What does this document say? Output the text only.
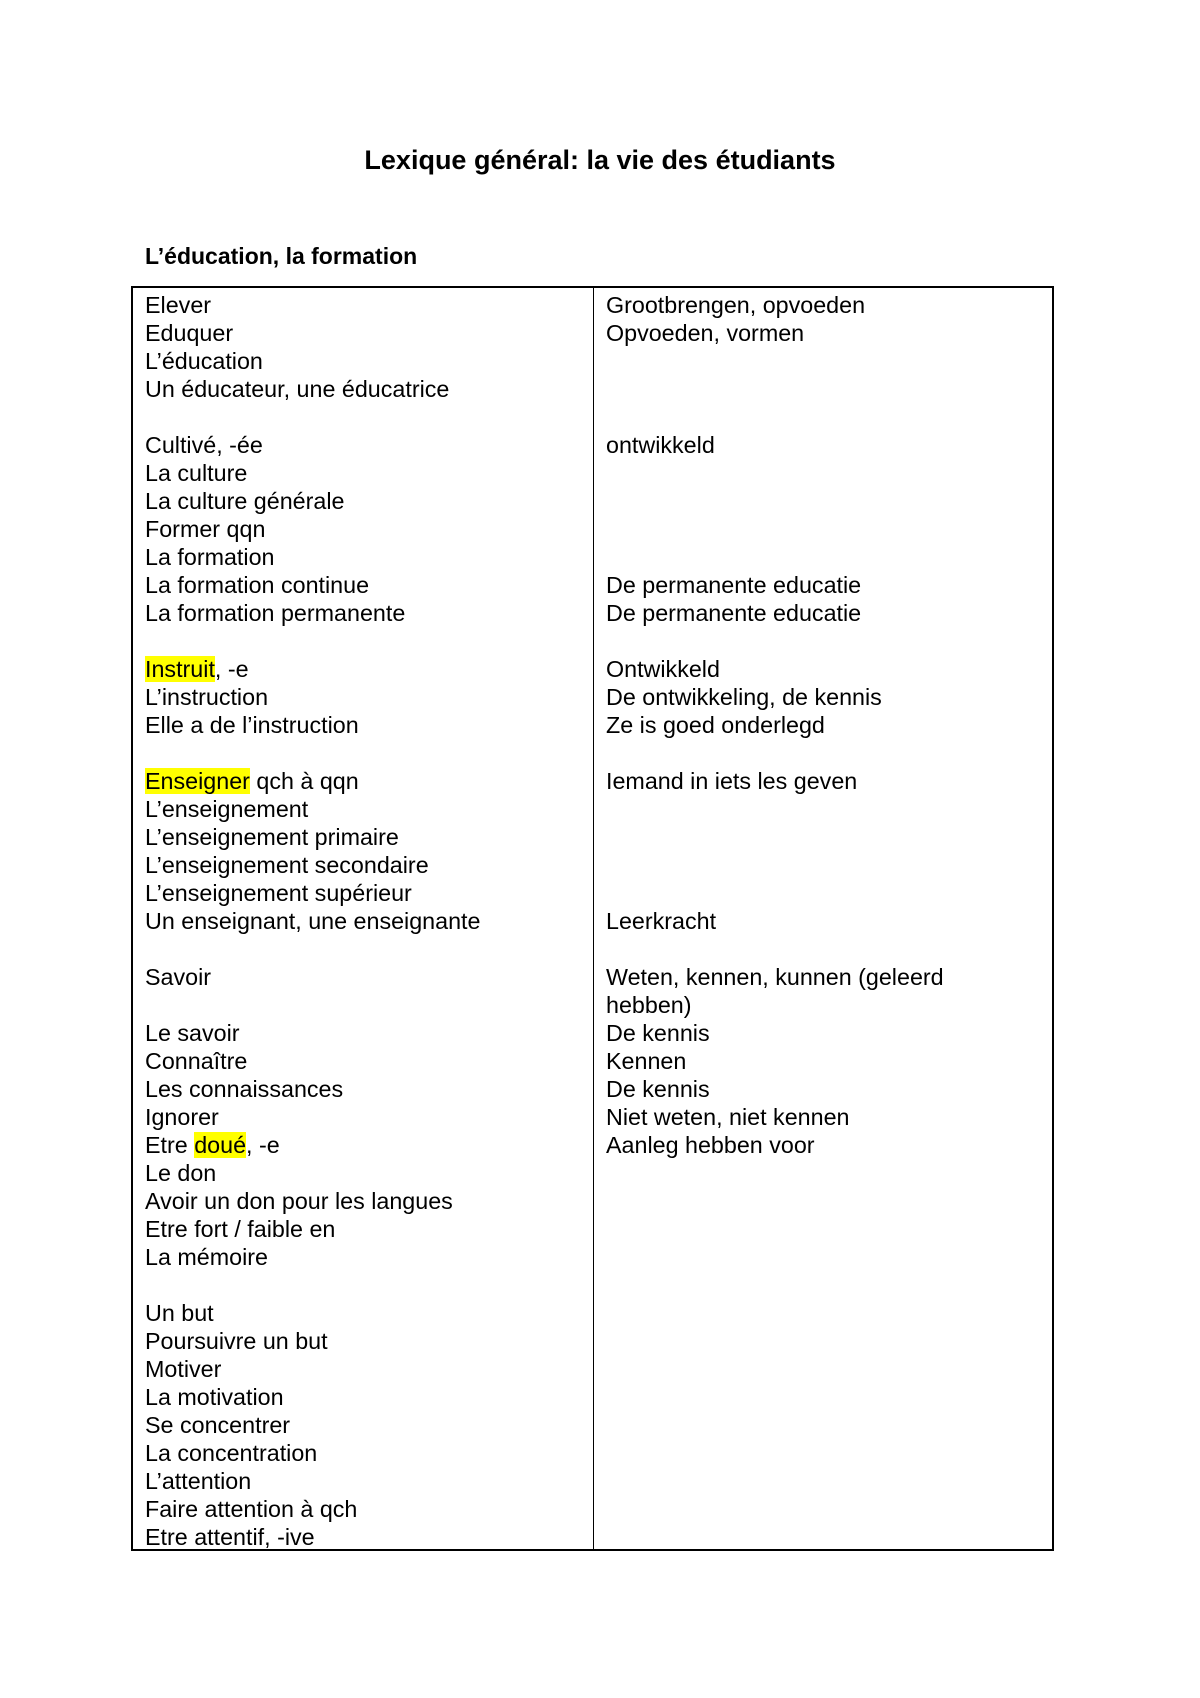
Lexique général: la vie des étudiants
L’éducation, la formation
Elever
Eduquer
L’éducation
Un éducateur, une éducatrice
Cultivé, -ée
La culture
La culture générale
Former qqn
La formation
La formation continue
La formation permanente
Instruit, -e
L’instruction
Elle a de l’instruction
Enseigner qch à qqn
L’enseignement
L’enseignement primaire
L’enseignement secondaire
L’enseignement supérieur
Un enseignant, une enseignante
Savoir
Le savoir
Connaître
Les connaissances
Ignorer
Etre doué, -e
Le don
Avoir un don pour les langues
Etre fort / faible en
La mémoire
Un but
Poursuivre un but
Motiver
La motivation
Se concentrer
La concentration
L’attention
Faire attention à qch
Etre attentif, -ive
Grootbrengen, opvoeden
Opvoeden, vormen
ontwikkeld
De permanente educatie
De permanente educatie
Ontwikkeld
De ontwikkeling, de kennis
Ze is goed onderlegd
Iemand in iets les geven
Leerkracht
Weten, kennen, kunnen (geleerd
hebben)
De kennis
Kennen
De kennis
Niet weten, niet kennen
Aanleg hebben voor
